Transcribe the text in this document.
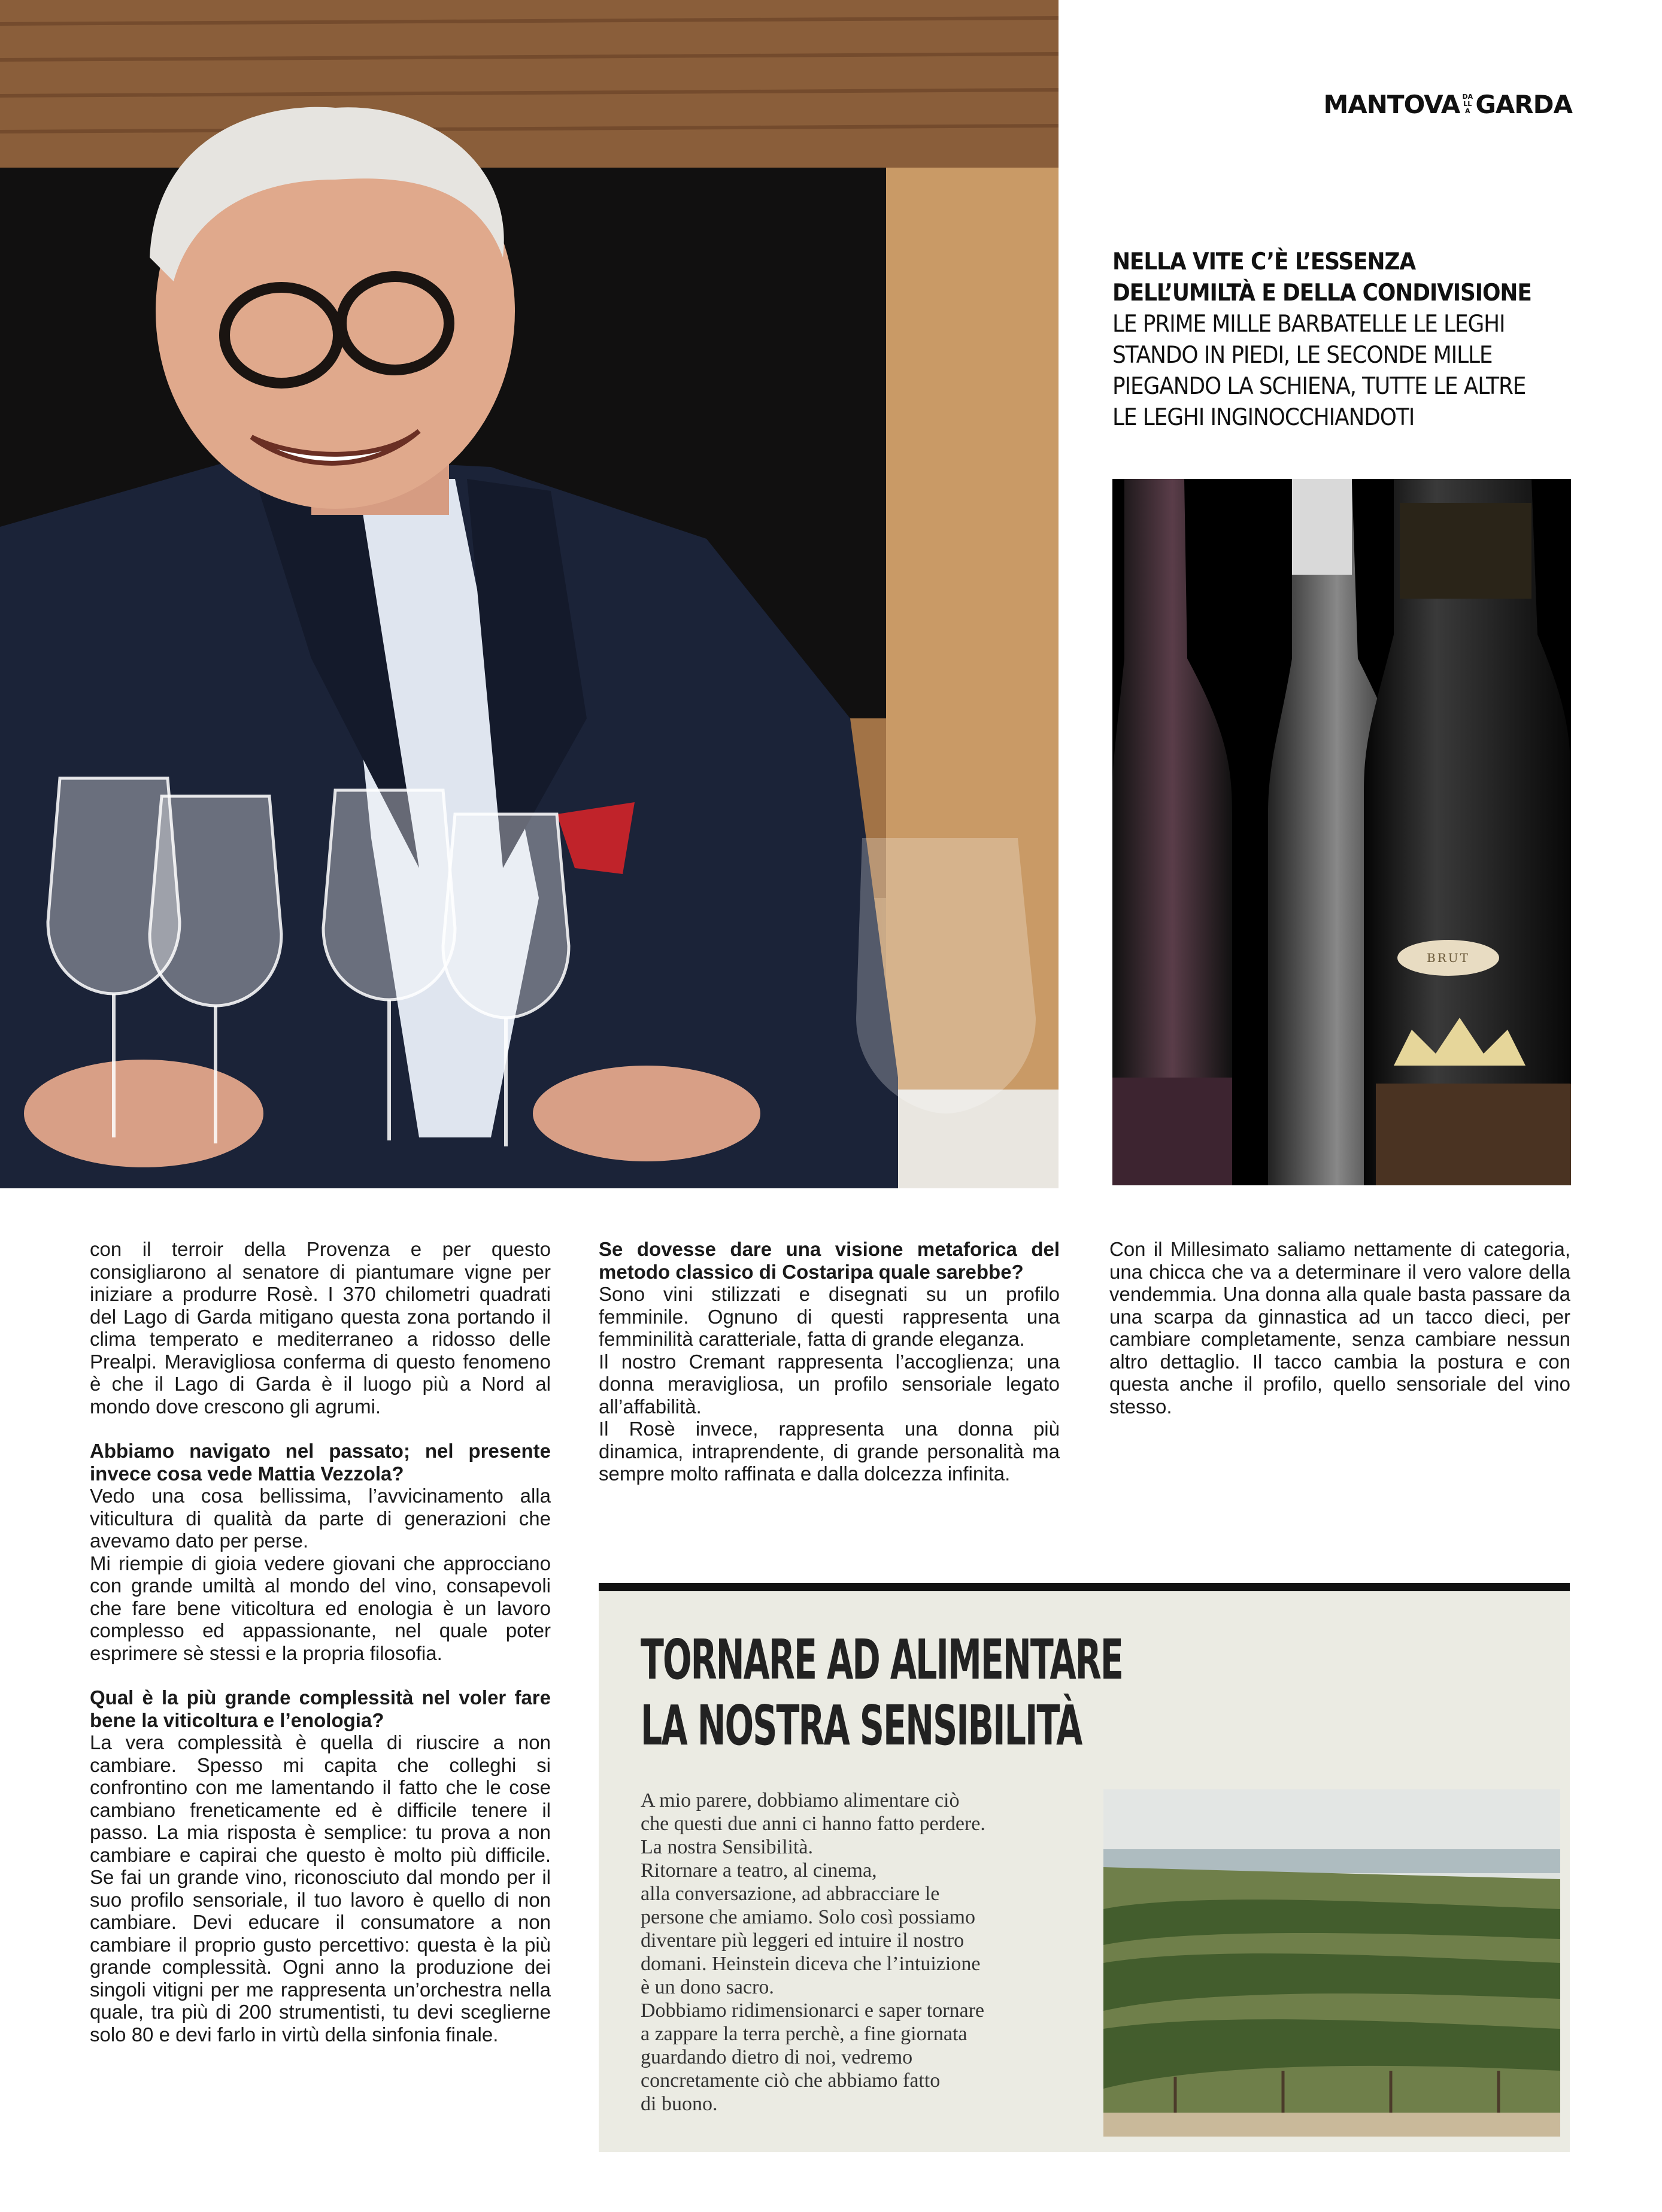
MANTOVA DALLA GARDA
NELLA VITE C’È L’ESSENZA
DELL’UMILTÀ E DELLA CONDIVISIONE
LE PRIME MILLE BARBATELLE LE LEGHI STANDO IN PIEDI, LE SECONDE MILLE PIEGANDO LA SCHIENA, TUTTE LE ALTRE LE LEGHI INGINOCCHIANDOTI
BRUT

con il terroir della Provenza e per questo consigliarono al senatore di piantumare vigne per iniziare a produrre Rosè. I 370 chilometri quadrati del Lago di Garda mitigano questa zona portando il clima temperato e mediterraneo a ridosso delle Prealpi. Meravigliosa conferma di questo fenomeno è che il Lago di Garda è il luogo più a Nord al mondo dove crescono gli agrumi.

Abbiamo navigato nel passato; nel presente invece cosa vede Mattia Vezzola?

Vedo una cosa bellissima, l’avvicinamento alla viticultura di qualità da parte di generazioni che avevamo dato per perse.

Mi riempie di gioia vedere giovani che approcciano con grande umiltà al mondo del vino, consapevoli che fare bene viticoltura ed enologia è un lavoro complesso ed appassionante, nel quale poter esprimere sè stessi e la propria filosofia.

Qual è la più grande complessità nel voler fare bene la viticoltura e l’enologia?

La vera complessità è quella di riuscire a non cambiare. Spesso mi capita che colleghi si confrontino con me lamentando il fatto che le cose cambiano freneticamente ed è difficile tenere il passo. La mia risposta è semplice: tu prova a non cambiare e capirai che questo è molto più difficile. Se fai un grande vino, riconosciuto dal mondo per il suo profilo sensoriale, il tuo lavoro è quello di non cambiare. Devi educare il consumatore a non cambiare il proprio gusto percettivo: questa è la più grande complessità. Ogni anno la produzione dei singoli vitigni per me rappresenta un’orchestra nella quale, tra più di 200 strumentisti, tu devi sceglierne solo 80 e devi farlo in virtù della sinfonia finale.

Se dovesse dare una visione metaforica del metodo classico di Costaripa quale sarebbe?

Sono vini stilizzati e disegnati su un profilo femminile. Ognuno di questi rappresenta una femminilità caratteriale, fatta di grande eleganza.

Il nostro Cremant rappresenta l’accoglienza; una donna meravigliosa, un profilo sensoriale legato all’affabilità.

Il Rosè invece, rappresenta una donna più dinamica, intraprendente, di grande personalità ma sempre molto raffinata e dalla dolcezza infinita.

Con il Millesimato saliamo nettamente di categoria, una chicca che va a determinare il vero valore della vendemmia. Una donna alla quale basta passare da una scarpa da ginnastica ad un tacco dieci, per cambiare completamente, senza cambiare nessun altro dettaglio. Il tacco cambia la postura e con questa anche il profilo, quello sensoriale del vino stesso.

TORNARE AD ALIMENTARE
LA NOSTRA SENSIBILITÀ

A mio parere, dobbiamo alimentare ciò

che questi due anni ci hanno fatto perdere.

La nostra Sensibilità.

Ritornare a teatro, al cinema,

alla conversazione, ad abbracciare le

persone che amiamo. Solo così possiamo

diventare più leggeri ed intuire il nostro

domani. Heinstein diceva che l’intuizione

è un dono sacro.

Dobbiamo ridimensionarci e saper tornare

a zappare la terra perchè, a fine giornata

guardando dietro di noi, vedremo

concretamente ciò che abbiamo fatto

di buono.
